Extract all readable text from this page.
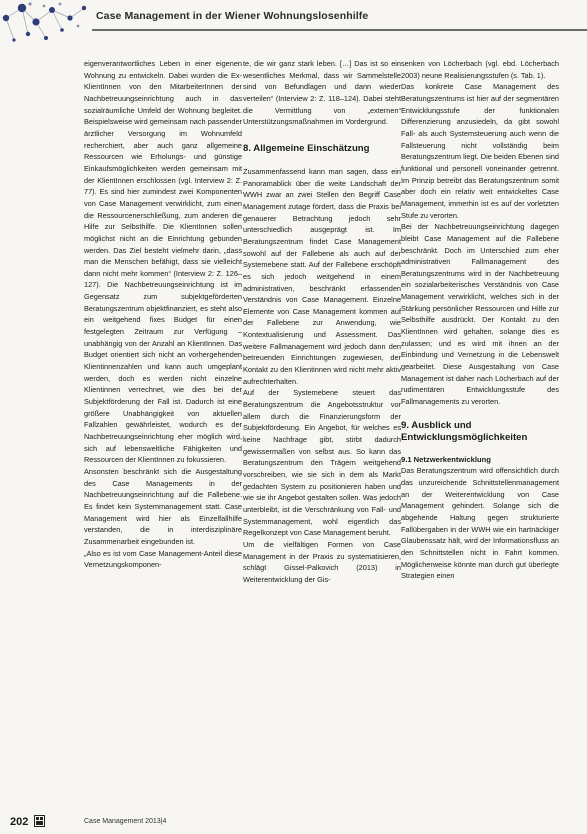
Case Management in der Wiener Wohnungslosenhilfe

eigenverantwortliches Leben in einer eigenen Wohnung zu entwickeln. Dabei wurden die Ex-KlientInnen von den MitarbeiterInnen der Nachbetreuungseinrichtung auch in das sozialräumliche Umfeld der Wohnung begleitet. Beispielsweise wird gemeinsam nach passender ärztlicher Versorgung im Wohnumfeld recherchiert, aber auch ganz allgemeine Ressourcen wie Erholungs- und günstige Einkaufsmöglichkeiten werden gemeinsam mit der KlientInnen erschlossen (vgl. Interview 2: Z. 77). Es sind hier zumindest zwei Komponenten von Case Management verwirklicht, zum einen die Ressourcenerschließung, zum anderen die Hilfe zur Selbsthilfe. Die KlientInnen sollen möglichst nicht an die Einrichtung gebunden werden. Das Ziel besteht vielmehr darin, „dass man die Menschen befähigt, dass sie vielleicht dann nicht mehr kommen“ (Interview 2: Z. 126–127). Die Nachbetreuungseinrichtung ist im Gegensatz zum subjektgeförderten Beratungszentrum objektfinanziert, es steht also ein weitgehend fixes Budget für einen festgelegten Zeitraum zur Verfügung – unabhängig von der Anzahl an KlientInnen. Das Budget orientiert sich nicht an vorhergehenden Klientinnenzahlen und kann auch umgeplant werden, doch es werden nicht einzelne Klientinnen verrechnet, wie dies bei der Subjektförderung der Fall ist. Dadurch ist eine größere Unabhängigkeit von aktuellen Fallzahlen gewährleistet, wodurch es der Nachbetreuungseinrichtung eher möglich wird, sich auf lebensweltliche Fähigkeiten und Ressourcen der KlientInnen zu fokussieren.

Ansonsten beschränkt sich die Ausgestaltung des Case Managements in der Nachbetreuungseinrichtung auf die Fallebene. Es findet kein Systemmanagement statt. Case Management wird hier als Einzelfallhilfe verstanden, die in interdisziplinäre Zusammenarbeit eingebunden ist.

„Also es ist vom Case Management-Anteil diese Vernetzungskomponen-

te, die wir ganz stark leben. […] Das ist so ein wesentliches Merkmal, dass wir Sammelstelle sind von Befundlagen und dann wieder verteilen“ (Interview 2: Z. 118–124). Dabei steht die Vermittlung von „externen“ Unterstützungsmaßnahmen im Vordergrund.

8. Allgemeine Einschätzung

Zusammenfassend kann man sagen, dass ein Panoramablick über die weite Landschaft der WWH zwar an zwei Stellen den Begriff Case Management zutage fördert, dass die Praxis bei genauerer Betrachtung jedoch sehr unterschiedlich ausgeprägt ist. Im Beratungszentrum findet Case Management sowohl auf der Fallebene als auch auf der Systemebene statt. Auf der Fallebene erschöpft es sich jedoch weitgehend in einem administrativen, beschränkt erfassenden Verständnis von Case Management. Einzelne Elemente von Case Management kommen auf der Fallebene zur Anwendung, wie Kontextualisierung und Assessment. Das weitere Fallmanagement wird jedoch dann den betreuenden Einrichtungen zugewiesen, der Kontakt zu den Klientinnen wird nicht mehr aktiv aufrechterhalten.

Auf der Systemebene steuert das Beratungszentrum die Angebotsstruktur vor allem durch die Finanzierungsform der Subjektförderung. Ein Angebot, für welches es keine Nachfrage gibt, stirbt dadurch gewissermaßen von selbst aus. So kann das Beratungszentrum den Trägern weitgehend vorschreiben, wie sie sich in dem als Markt gedachten System zu positionieren haben und wie sie ihr Angebot gestalten sollen. Was jedoch unterbleibt, ist die Verschränkung von Fall- und Systemmanagement, wohl eigentlich das Regelkonzept von Case Management beruht.

Um die vielfältigen Formen von Case Management in der Praxis zu systematisieren, schlägt Gissel-Palkovich (2013) in Weiterentwicklung der Gis-

senken von Löcherbach (vgl. ebd. Löcherbach 2003) neune Realisierungsstufen (s. Tab. 1).

Das konkrete Case Management des Beratungszentrums ist hier auf der segmentären Entwicklungsstufe der funktionalen Differenzierung anzusiedeln, da gibt sowohl Fall- als auch Systemsteuerung auch wenn die Fallsteuerung nicht vollständig beim Beratungszentrum liegt. Die beiden Ebenen sind funktional und personell voneinander getrennt. Im Prinzip betreibt das Beratungszentrum somit aber doch ein relativ weit entwickeltes Case Management, immerhin ist es auf der vorletzten Stufe zu verorten.

Bei der Nachbetreuungseinrichtung dagegen bleibt Case Management auf die Fallebene beschränkt. Doch im Unterschied zum eher administrativen Fallmanagement des Beratungszentrums wird in der Nachbetreuung ein sozialarbeiterisches Verständnis von Case Management verwirklicht, welches sich in der Stärkung persönlicher Ressourcen und Hilfe zur Selbsthilfe ausdrückt. Der Kontakt zu den KlientInnen wird gehalten, solange dies es zulassen; und es wird mit ihnen an der Einbindung und Vernetzung in die Lebenswelt gearbeitet. Diese Ausgestaltung von Case Management ist daher nach Löcherbach auf der rudimentären Entwicklungsstufe des Fallmanagements zu verorten.

9. Ausblick und Entwicklungsmöglichkeiten
9.1 Netzwerkentwicklung

Das Beratungszentrum wird offensichtlich durch das unzureichende Schnittstellenmanagement an der Weiterentwicklung von Case Management gehindert. Solange sich die abgehende Haltung gegen strukturierte Fallübergaben in der WWH wie ein hartnäckiger Glaubenssatz hält, wird der Informationsfluss an den Schnittstellen nicht in Fahrt kommen. Möglicherweise könnte man durch gut überlegte Strategien einen

202	Case Management 2013|4
